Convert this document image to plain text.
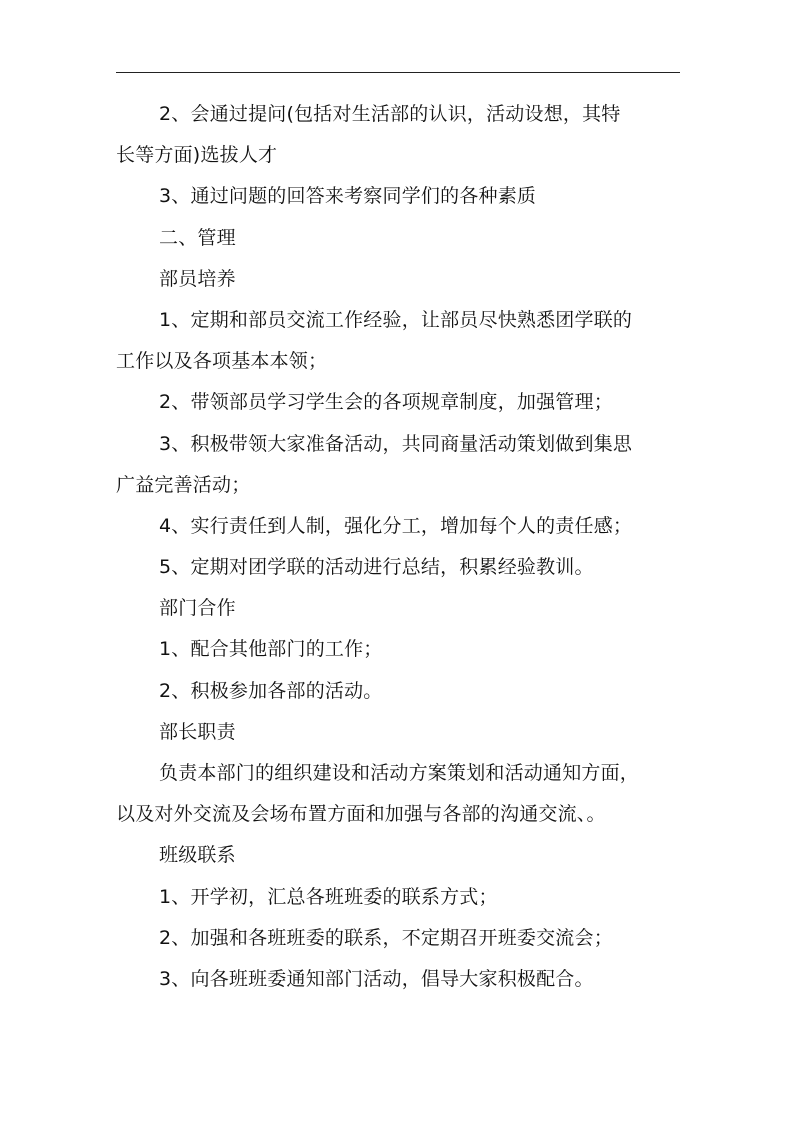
2、会通过提问(包括对生活部的认识，活动设想，其特
长等方面)选拔人才
3、通过问题的回答来考察同学们的各种素质
二、管理
部员培养
1、定期和部员交流工作经验，让部员尽快熟悉团学联的
工作以及各项基本本领；
2、带领部员学习学生会的各项规章制度，加强管理；
3、积极带领大家准备活动，共同商量活动策划做到集思
广益完善活动；
4、实行责任到人制，强化分工，增加每个人的责任感；
5、定期对团学联的活动进行总结，积累经验教训。
部门合作
1、配合其他部门的工作；
2、积极参加各部的活动。
部长职责
负责本部门的组织建设和活动方案策划和活动通知方面，
以及对外交流及会场布置方面和加强与各部的沟通交流、。
班级联系
1、开学初，汇总各班班委的联系方式；
2、加强和各班班委的联系，不定期召开班委交流会；
3、向各班班委通知部门活动，倡导大家积极配合。
